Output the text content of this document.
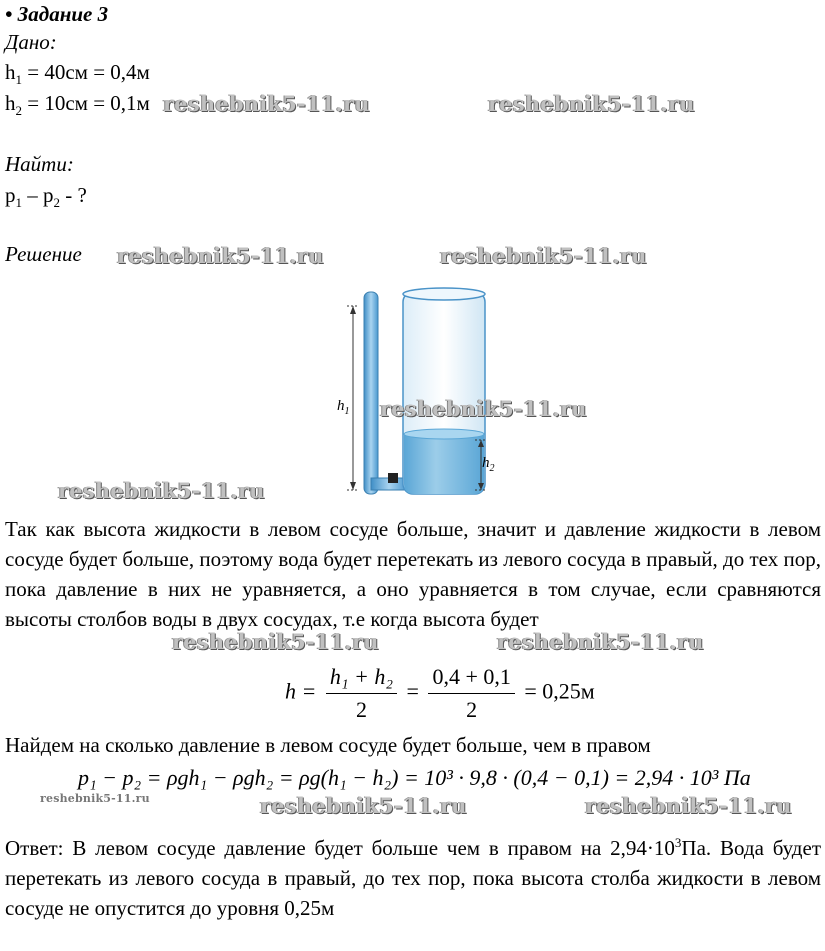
• Задание 3
Дано:
$h_1 = 40см = 0,4м$
$h_2 = 10см = 0,1м$
Найти:
$p_1 - p_2$ - ?
Решение
$h_1$
$h_2$
Так как высота жидкости в левом сосуде больше, значит и давление жидкости в левом сосуде будет больше, поэтому вода будет перетекать из левого сосуда в правый, до тех пор, пока давление в них не уравняется, а оно уравняется в том случае, если сравняются высоты столбов воды в двух сосудах, т.е когда высота будет
$h = \frac{\text{h₁ + h₂}}{2} = \frac{0,4 + 0,1}{2} = 0,25м$
Найдем на сколько давление в левом сосуде будет больше, чем в правом
p₁ − p₂ = ρgh₁ − ρgh₂ = ρg(h₁ − h₂) = 10³ · 9,8 · (0,4 − 0,1) = 2,94 · 10³ Па
Ответ: В левом сосуде давление будет больше чем в правом на $2,94\cdot 10^3Па$. Вода будет перетекать из левого сосуда в правый, до тех пор, пока высота столба жидкости в левом сосуде не опустится до уровня 0,25м
reshebnik5-11.ru	reshebnik5-11.ru
reshebnik5-11.ru	reshebnik5-11.ru
reshebnik5-11.ru
reshebnik5-11.ru
reshebnik5-11.ru	reshebnik5-11.ru
reshebnik5-11.ru	reshebnik5-11.ru	reshebnik5-11.ru
